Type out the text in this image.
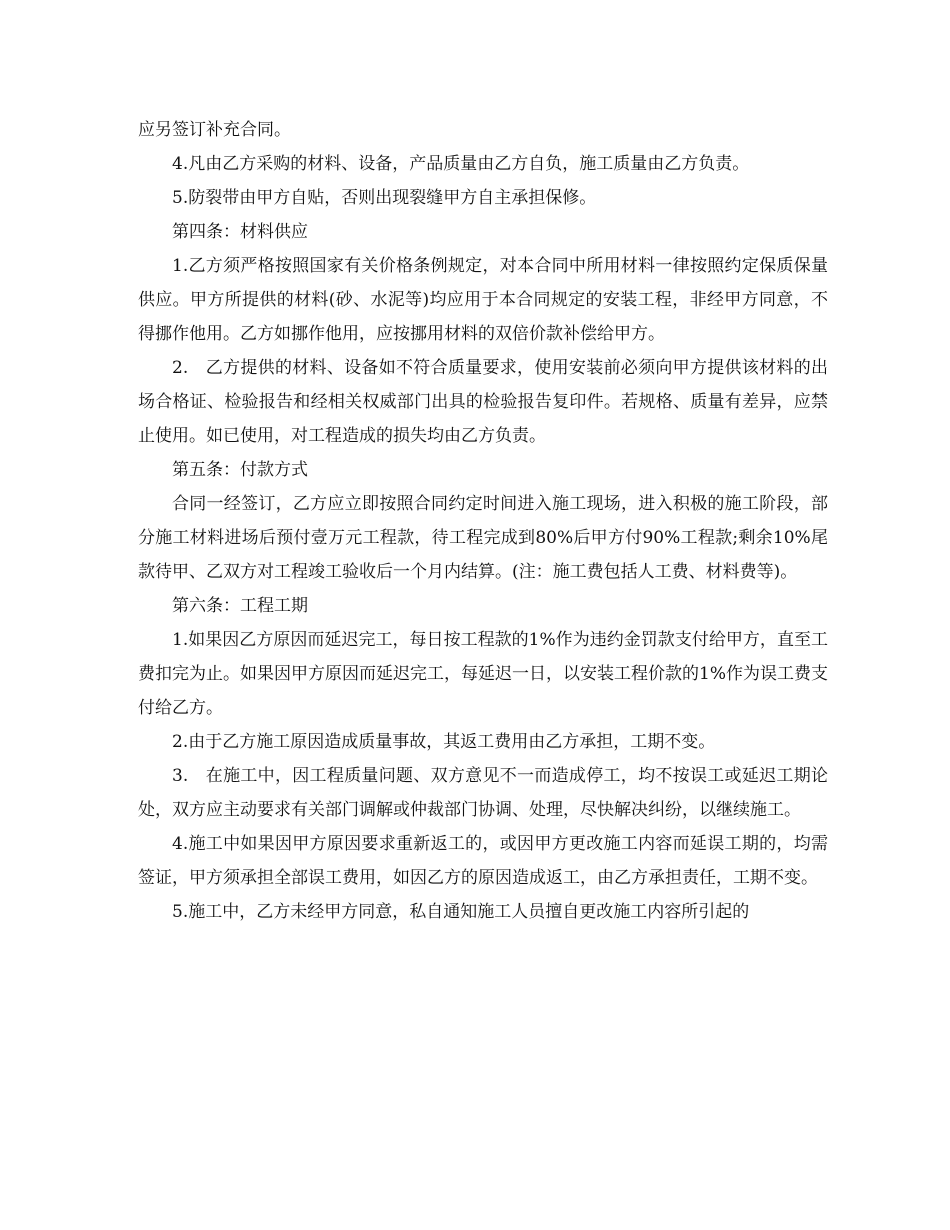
应另签订补充合同。

4.凡由乙方采购的材料、设备，产品质量由乙方自负，施工质量由乙方负责。

5.防裂带由甲方自贴，否则出现裂缝甲方自主承担保修。

第四条：材料供应

1.乙方须严格按照国家有关价格条例规定，对本合同中所用材料一律按照约定保质保量供应。甲方所提供的材料(砂、水泥等)均应用于本合同规定的安装工程，非经甲方同意，不得挪作他用。乙方如挪作他用，应按挪用材料的双倍价款补偿给甲方。

2.　乙方提供的材料、设备如不符合质量要求，使用安装前必须向甲方提供该材料的出场合格证、检验报告和经相关权威部门出具的检验报告复印件。若规格、质量有差异，应禁止使用。如已使用，对工程造成的损失均由乙方负责。

第五条：付款方式

合同一经签订，乙方应立即按照合同约定时间进入施工现场，进入积极的施工阶段，部分施工材料进场后预付壹万元工程款，待工程完成到80%后甲方付90%工程款;剩余10%尾款待甲、乙双方对工程竣工验收后一个月内结算。(注：施工费包括人工费、材料费等)。

第六条：工程工期

1.如果因乙方原因而延迟完工，每日按工程款的1%作为违约金罚款支付给甲方，直至工费扣完为止。如果因甲方原因而延迟完工，每延迟一日，以安装工程价款的1%作为误工费支付给乙方。

2.由于乙方施工原因造成质量事故，其返工费用由乙方承担，工期不变。

3.　在施工中，因工程质量问题、双方意见不一而造成停工，均不按误工或延迟工期论处，双方应主动要求有关部门调解或仲裁部门协调、处理，尽快解决纠纷，以继续施工。

4.施工中如果因甲方原因要求重新返工的，或因甲方更改施工内容而延误工期的，均需签证，甲方须承担全部误工费用，如因乙方的原因造成返工，由乙方承担责任，工期不变。

5.施工中，乙方未经甲方同意，私自通知施工人员擅自更改施工内容所引起的
